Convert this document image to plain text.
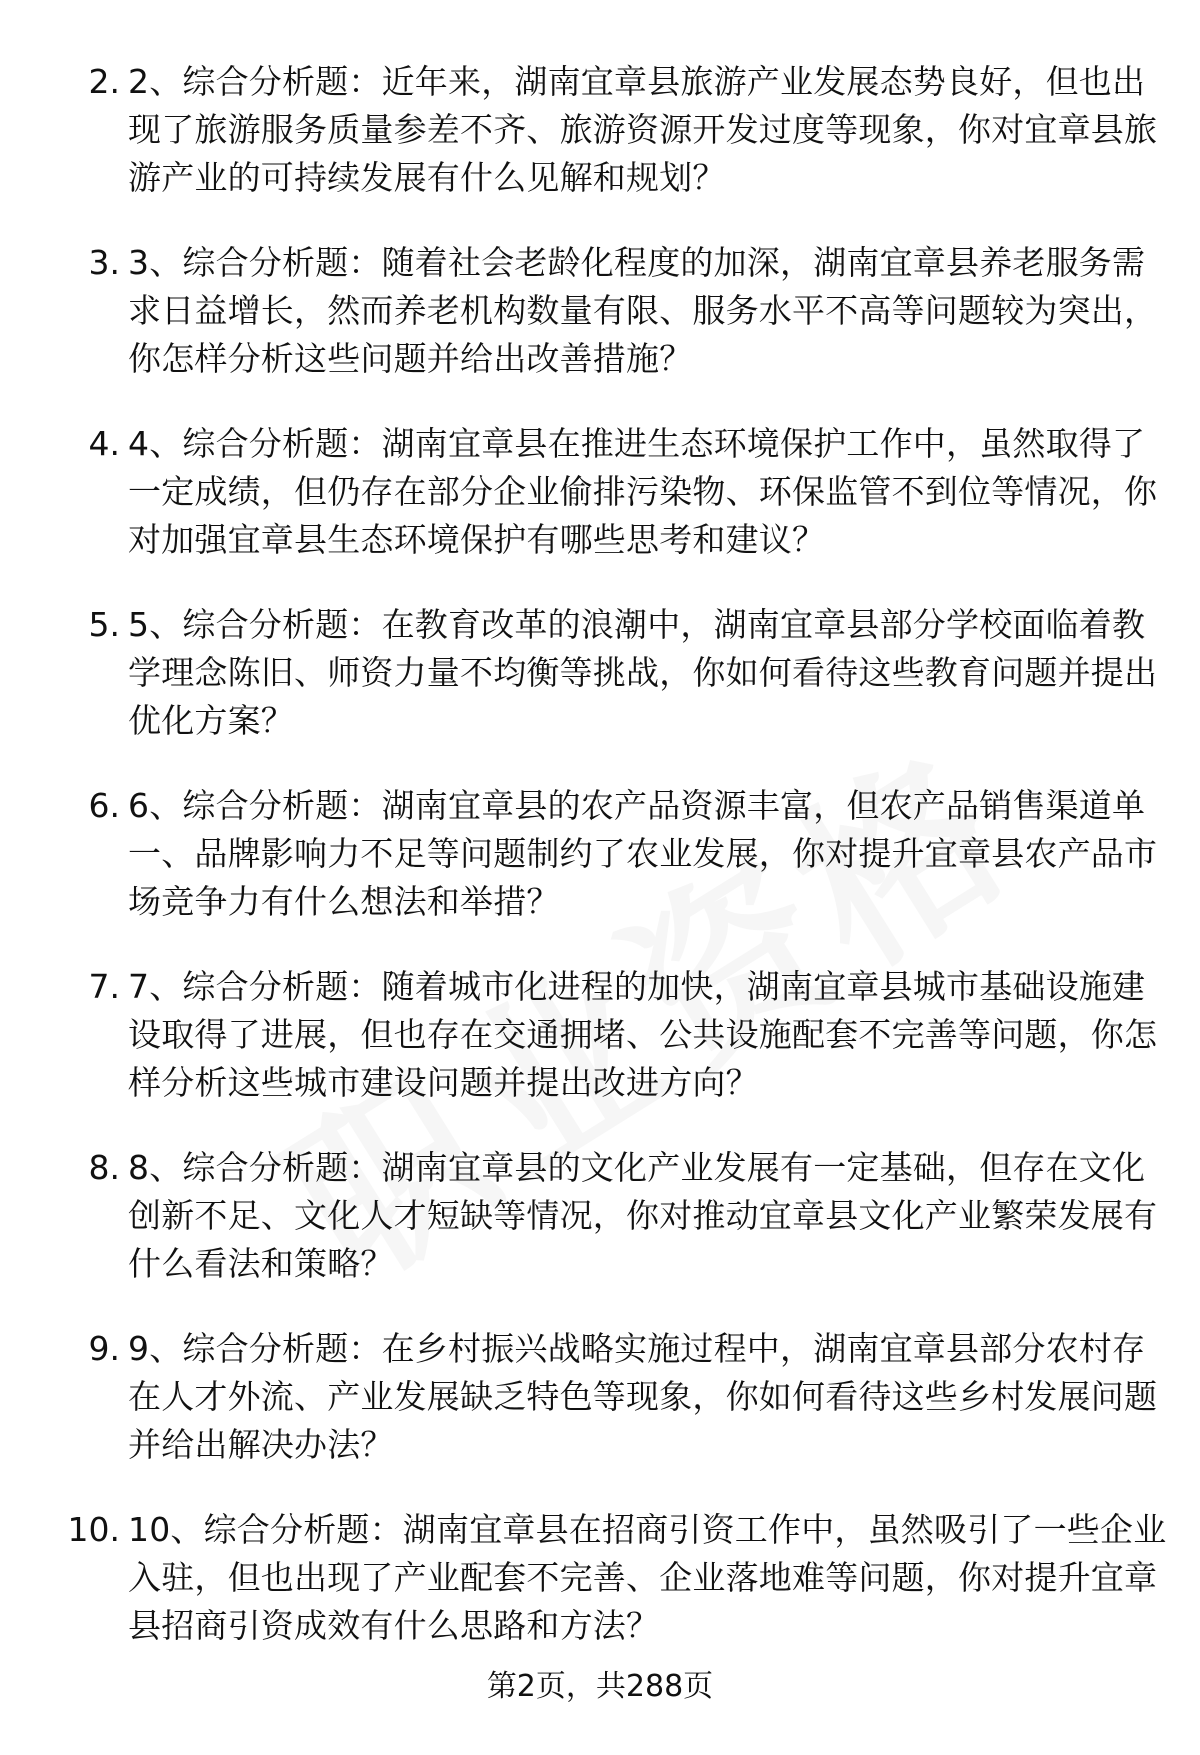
2. 2、综合分析题：近年来，湖南宜章县旅游产业发展态势良好，但也出现了旅游服务质量参差不齐、旅游资源开发过度等现象，你对宜章县旅游产业的可持续发展有什么见解和规划？
3. 3、综合分析题：随着社会老龄化程度的加深，湖南宜章县养老服务需求日益增长，然而养老机构数量有限、服务水平不高等问题较为突出，你怎样分析这些问题并给出改善措施？
4. 4、综合分析题：湖南宜章县在推进生态环境保护工作中，虽然取得了一定成绩，但仍存在部分企业偷排污染物、环保监管不到位等情况，你对加强宜章县生态环境保护有哪些思考和建议？
5. 5、综合分析题：在教育改革的浪潮中，湖南宜章县部分学校面临着教学理念陈旧、师资力量不均衡等挑战，你如何看待这些教育问题并提出优化方案？
6. 6、综合分析题：湖南宜章县的农产品资源丰富，但农产品销售渠道单一、品牌影响力不足等问题制约了农业发展，你对提升宜章县农产品市场竞争力有什么想法和举措？
7. 7、综合分析题：随着城市化进程的加快，湖南宜章县城市基础设施建设取得了进展，但也存在交通拥堵、公共设施配套不完善等问题，你怎样分析这些城市建设问题并提出改进方向？
8. 8、综合分析题：湖南宜章县的文化产业发展有一定基础，但存在文化创新不足、文化人才短缺等情况，你对推动宜章县文化产业繁荣发展有什么看法和策略？
9. 9、综合分析题：在乡村振兴战略实施过程中，湖南宜章县部分农村存在人才外流、产业发展缺乏特色等现象，你如何看待这些乡村发展问题并给出解决办法？
10. 10、综合分析题：湖南宜章县在招商引资工作中，虽然吸引了一些企业入驻，但也出现了产业配套不完善、企业落地难等问题，你对提升宜章县招商引资成效有什么思路和方法？
第2页，共288页
